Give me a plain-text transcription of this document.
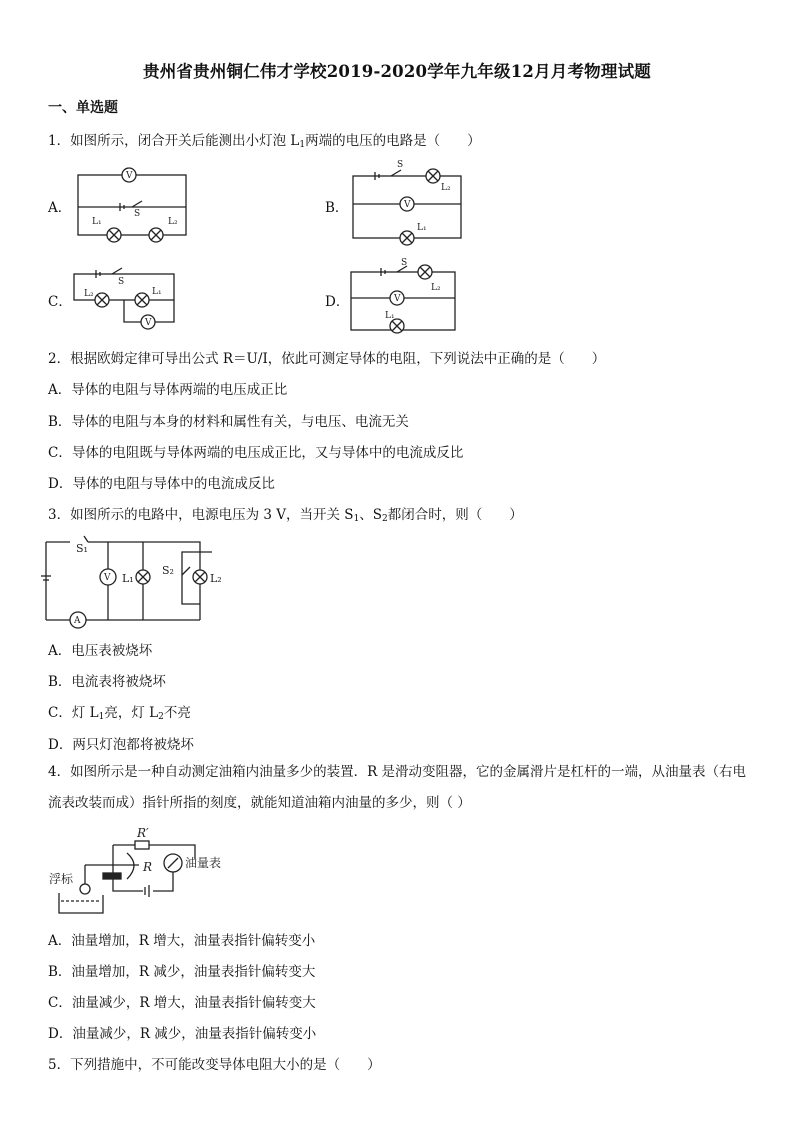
贵州省贵州铜仁伟才学校2019-2020学年九年级12月月考物理试题
一、单选题
1．如图所示，闭合开关后能测出小灯泡 $L_1$两端的电压的电路是（　　）
A．
V
L₁	L₂
S	B．
S
V
L₂
L₁
C．
S
V
L₂	L₁
D．
S
V
L₂
L₁
2．根据欧姆定律可导出公式 R＝U/I，依此可测定导体的电阻，下列说法中正确的是（　　）
A．导体的电阻与导体两端的电压成正比
B．导体的电阻与本身的材料和属性有关，与电压、电流无关
C．导体的电阻既与导体两端的电压成正比，又与导体中的电流成反比
D．导体的电阻与导体中的电流成反比
3．如图所示的电路中，电源电压为 3 V，当开关 $S_1$、$S_2$都闭合时，则（　　）
A
V
S₁
L₁
S₂
L₂
A．电压表被烧坏
B．电流表将被烧坏
C．灯 $L_1$亮，灯 $L_2$不亮
D．两只灯泡都将被烧坏
4．如图所示是一种自动测定油箱内油量多少的装置．R 是滑动变阻器，它的金属滑片是杠杆的一端，从油量表（右电流表改装而成）指针所指的刻度，就能知道油箱内油量的多少，则（ ）
R′
R	油量表
浮标
A．油量增加，R 增大，油量表指针偏转变小
B．油量增加，R 减少，油量表指针偏转变大
C．油量减少，R 增大，油量表指针偏转变大
D．油量减少，R 减少，油量表指针偏转变小
5．下列措施中，不可能改变导体电阻大小的是（　　）
